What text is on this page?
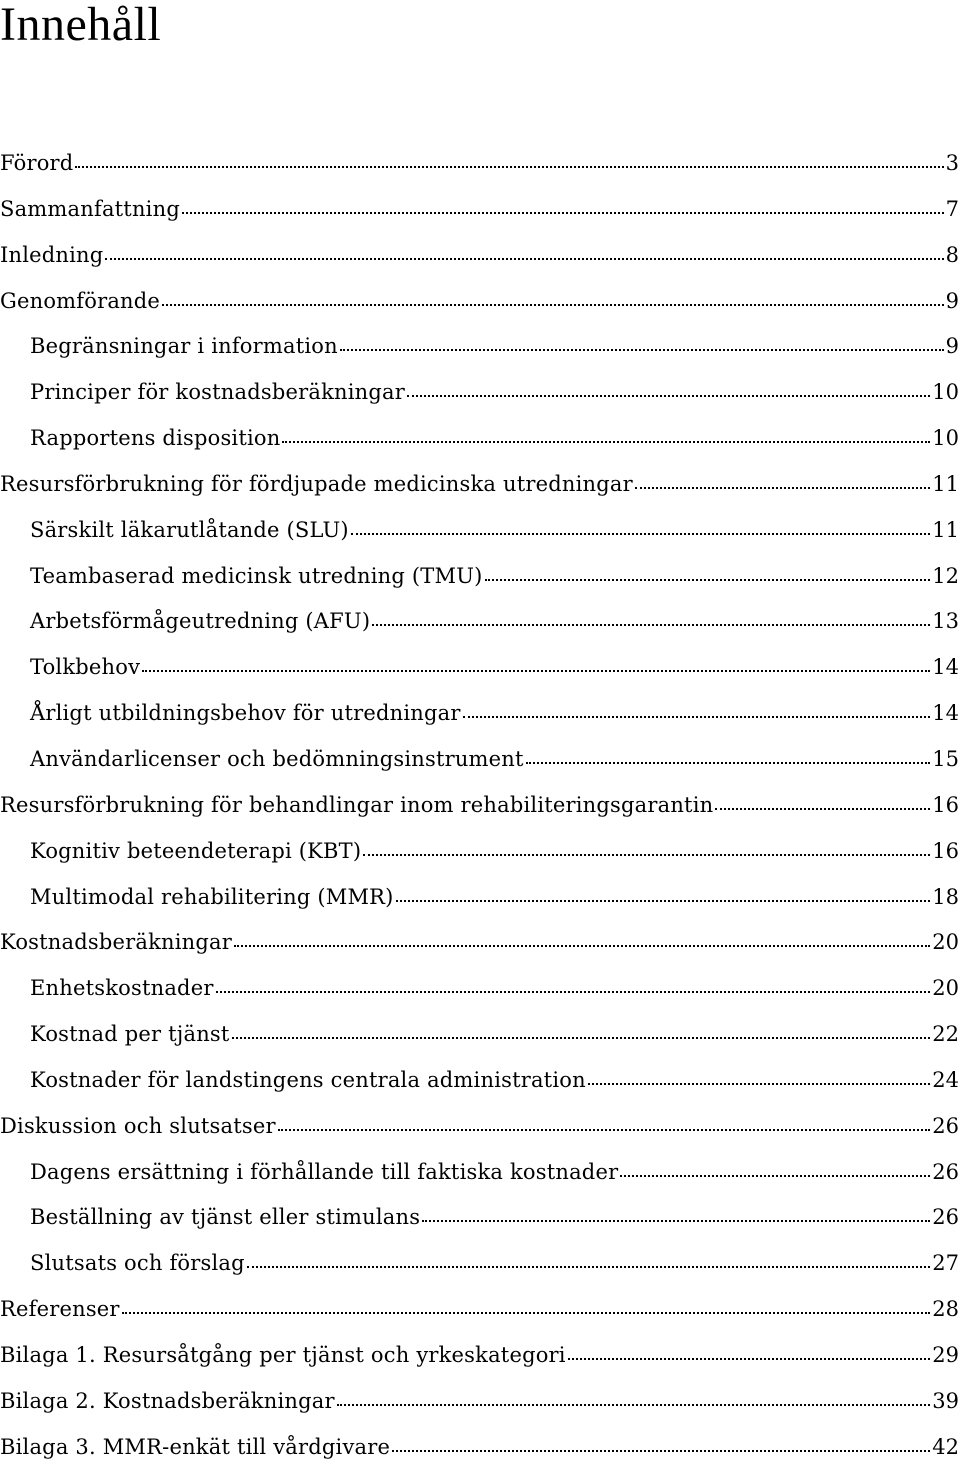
Innehåll
Förord	3
Sammanfattning	7
Inledning	8
Genomförande	9
Begränsningar i information	9
Principer för kostnadsberäkningar	10
Rapportens disposition	10
Resursförbrukning för fördjupade medicinska utredningar	11
Särskilt läkarutlåtande (SLU)	11
Teambaserad medicinsk utredning (TMU)	12
Arbetsförmågeutredning (AFU)	13
Tolkbehov	14
Årligt utbildningsbehov för utredningar	14
Användarlicenser och bedömningsinstrument	15
Resursförbrukning för behandlingar inom rehabiliteringsgarantin	16
Kognitiv beteendeterapi (KBT)	16
Multimodal rehabilitering (MMR)	18
Kostnadsberäkningar	20
Enhetskostnader	20
Kostnad per tjänst	22
Kostnader för landstingens centrala administration	24
Diskussion och slutsatser	26
Dagens ersättning i förhållande till faktiska kostnader	26
Beställning av tjänst eller stimulans	26
Slutsats och förslag	27
Referenser	28
Bilaga 1. Resursåtgång per tjänst och yrkeskategori	29
Bilaga 2. Kostnadsberäkningar	39
Bilaga 3. MMR-enkät till vårdgivare	42
